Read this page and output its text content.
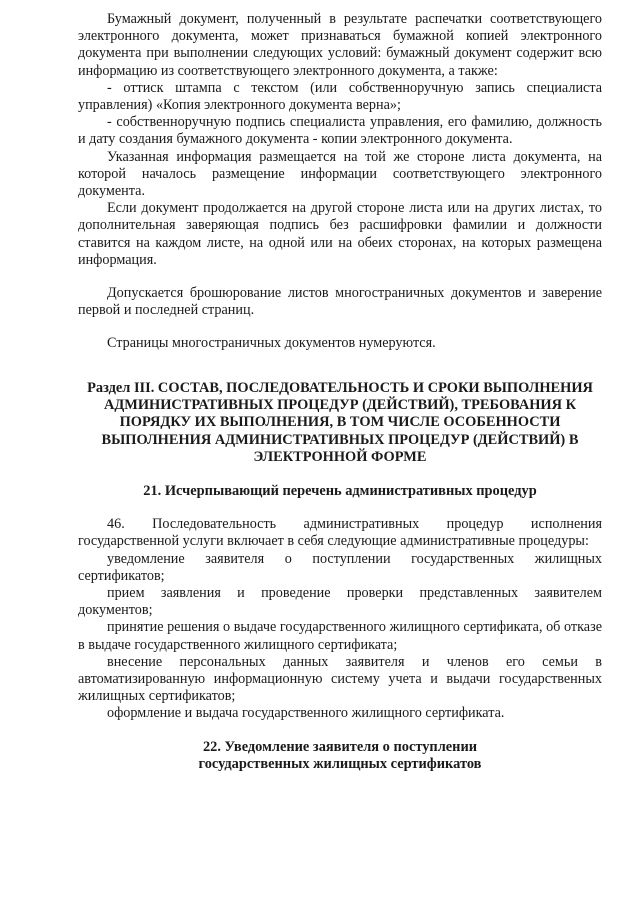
Бумажный документ, полученный в результате распечатки соответствующего электронного документа, может признаваться бумажной копией электронного документа при выполнении следующих условий: бумажный документ содержит всю информацию из соответствующего электронного документа, а также:

- оттиск штампа с текстом (или собственноручную запись специалиста управления) «Копия электронного документа верна»;

- собственноручную подпись специалиста управления, его фамилию, должность и дату создания бумажного документа - копии электронного документа.

Указанная информация размещается на той же стороне листа документа, на которой началось размещение информации соответствующего электронного документа.

Если документ продолжается на другой стороне листа или на других листах, то дополнительная заверяющая подпись без расшифровки фамилии и должности ставится на каждом листе, на одной или на обеих сторонах, на которых размещена информация.

Допускается брошюрование листов многостраничных документов и заверение первой и последней страниц.

Страницы многостраничных документов нумеруются.

Раздел III. СОСТАВ, ПОСЛЕДОВАТЕЛЬНОСТЬ И СРОКИ ВЫПОЛНЕНИЯ АДМИНИСТРАТИВНЫХ ПРОЦЕДУР (ДЕЙСТВИЙ), ТРЕБОВАНИЯ К ПОРЯДКУ ИХ ВЫПОЛНЕНИЯ, В ТОМ ЧИСЛЕ ОСОБЕННОСТИ ВЫПОЛНЕНИЯ АДМИНИСТРАТИВНЫХ ПРОЦЕДУР (ДЕЙСТВИЙ) В ЭЛЕКТРОННОЙ ФОРМЕ

21. Исчерпывающий перечень административных процедур

46. Последовательность административных процедур исполнения государственной услуги включает в себя следующие административные процедуры:

уведомление заявителя о поступлении государственных жилищных сертификатов;

прием заявления и проведение проверки представленных заявителем документов;

принятие решения о выдаче государственного жилищного сертификата, об отказе в выдаче государственного жилищного сертификата;

внесение персональных данных заявителя и членов его семьи в автоматизированную информационную систему учета и выдачи государственных жилищных сертификатов;

оформление и выдача государственного жилищного сертификата.

22. Уведомление заявителя о поступлении

государственных жилищных сертификатов
